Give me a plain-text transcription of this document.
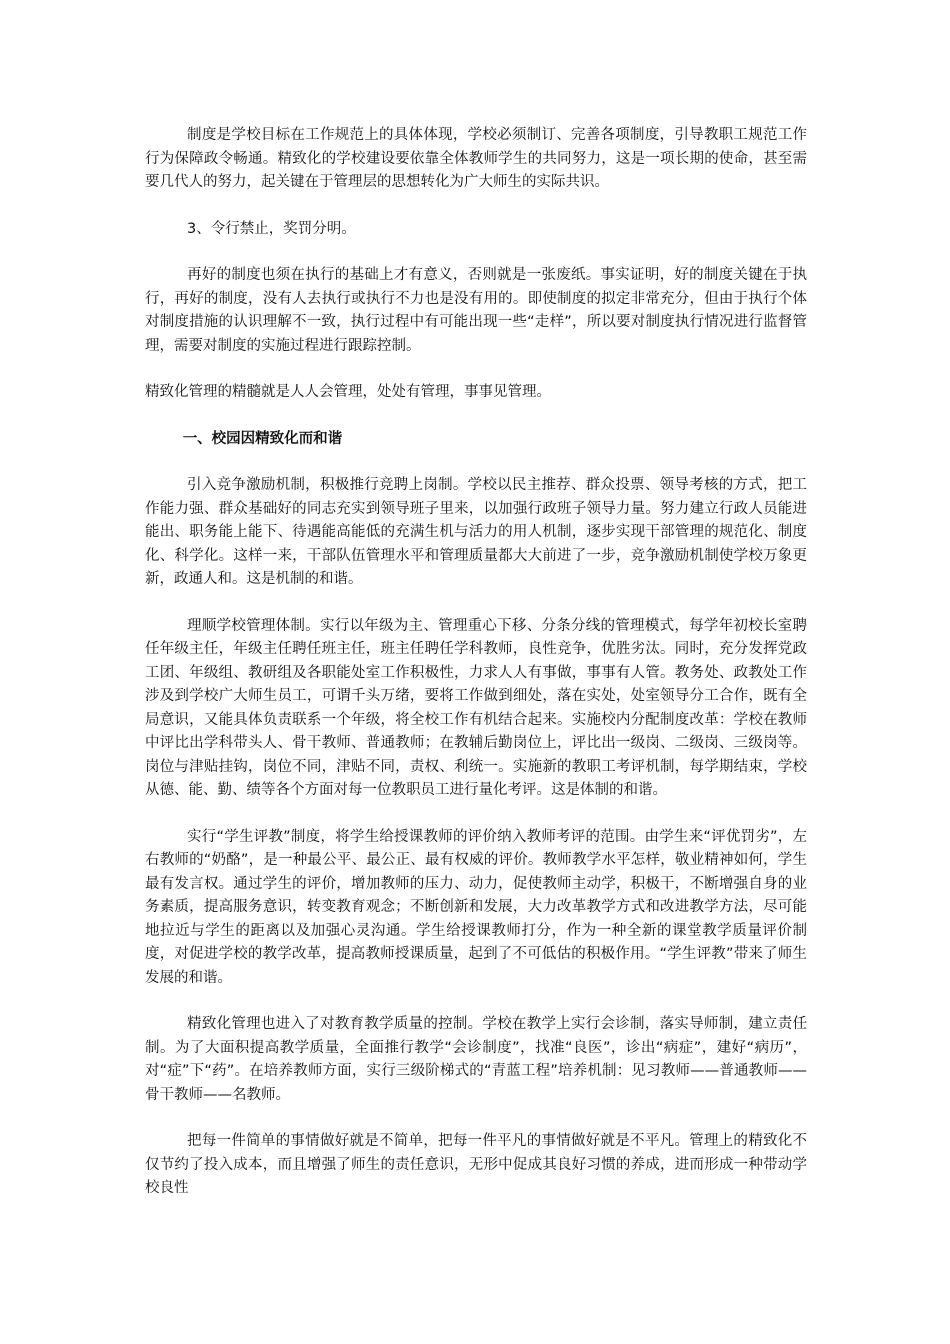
制度是学校目标在工作规范上的具体体现，学校必须制订、完善各项制度，引导教职工规范工作行为保障政令畅通。精致化的学校建设要依靠全体教师学生的共同努力，这是一项长期的使命，甚至需要几代人的努力，起关键在于管理层的思想转化为广大师生的实际共识。

3、令行禁止，奖罚分明。

再好的制度也须在执行的基础上才有意义，否则就是一张废纸。事实证明，好的制度关键在于执行，再好的制度，没有人去执行或执行不力也是没有用的。即使制度的拟定非常充分，但由于执行个体对制度措施的认识理解不一致，执行过程中有可能出现一些“走样”，所以要对制度执行情况进行监督管理，需要对制度的实施过程进行跟踪控制。

精致化管理的精髓就是人人会管理，处处有管理，事事见管理。

一、校园因精致化而和谐

引入竞争激励机制，积极推行竞聘上岗制。学校以民主推荐、群众投票、领导考核的方式，把工作能力强、群众基础好的同志充实到领导班子里来，以加强行政班子领导力量。努力建立行政人员能进能出、职务能上能下、待遇能高能低的充满生机与活力的用人机制，逐步实现干部管理的规范化、制度化、科学化。这样一来，干部队伍管理水平和管理质量都大大前进了一步，竞争激励机制使学校万象更新，政通人和。这是机制的和谐。

理顺学校管理体制。实行以年级为主、管理重心下移、分条分线的管理模式，每学年初校长室聘任年级主任，年级主任聘任班主任，班主任聘任学科教师，良性竞争，优胜劣汰。同时，充分发挥党政工团、年级组、教研组及各职能处室工作积极性，力求人人有事做，事事有人管。教务处、政教处工作涉及到学校广大师生员工，可谓千头万绪，要将工作做到细处，落在实处，处室领导分工合作，既有全局意识，又能具体负责联系一个年级，将全校工作有机结合起来。实施校内分配制度改革：学校在教师中评比出学科带头人、骨干教师、普通教师；在教辅后勤岗位上，评比出一级岗、二级岗、三级岗等。岗位与津贴挂钩，岗位不同，津贴不同，责权、利统一。实施新的教职工考评机制，每学期结束，学校从德、能、勤、绩等各个方面对每一位教职员工进行量化考评。这是体制的和谐。

实行“学生评教”制度，将学生给授课教师的评价纳入教师考评的范围。由学生来“评优罚劣”，左右教师的“奶酪”，是一种最公平、最公正、最有权威的评价。教师教学水平怎样，敬业精神如何，学生最有发言权。通过学生的评价，增加教师的压力、动力，促使教师主动学，积极干，不断增强自身的业务素质，提高服务意识，转变教育观念；不断创新和发展，大力改革教学方式和改进教学方法，尽可能地拉近与学生的距离以及加强心灵沟通。学生给授课教师打分，作为一种全新的课堂教学质量评价制度，对促进学校的教学改革，提高教师授课质量，起到了不可低估的积极作用。“学生评教”带来了师生发展的和谐。

精致化管理也进入了对教育教学质量的控制。学校在教学上实行会诊制，落实导师制，建立责任制。为了大面积提高教学质量，全面推行教学“会诊制度”，找准“良医”，诊出“病症”，建好“病历”，对“症”下“药”。在培养教师方面，实行三级阶梯式的“青蓝工程”培养机制：见习教师——普通教师——骨干教师——名教师。

把每一件简单的事情做好就是不简单，把每一件平凡的事情做好就是不平凡。管理上的精致化不仅节约了投入成本，而且增强了师生的责任意识，无形中促成其良好习惯的养成，进而形成一种带动学校良性
